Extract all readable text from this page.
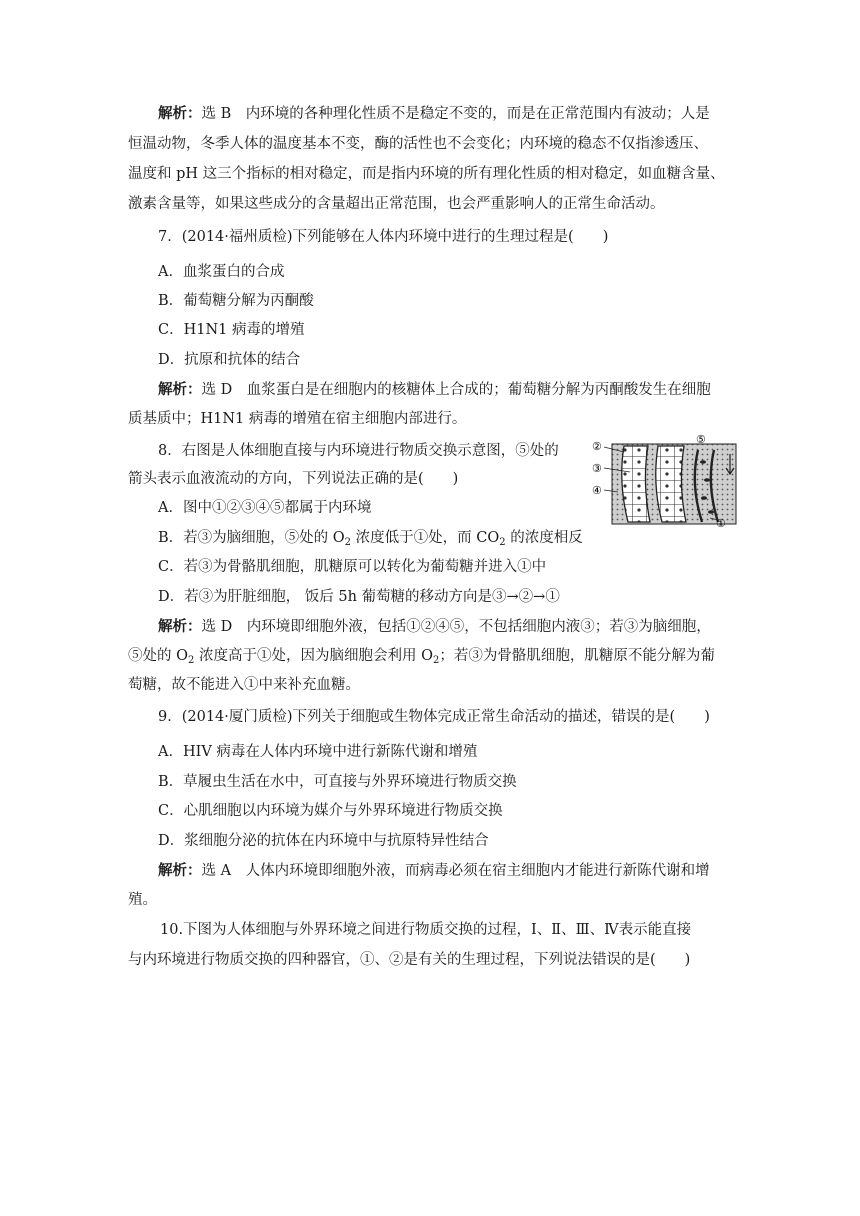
解析：选 B　内环境的各种理化性质不是稳定不变的，而是在正常范围内有波动；人是
恒温动物，冬季人体的温度基本不变，酶的活性也不会变化；内环境的稳态不仅指渗透压、
温度和 pH 这三个指标的相对稳定，而是指内环境的所有理化性质的相对稳定，如血糖含量、
激素含量等，如果这些成分的含量超出正常范围，也会严重影响人的正常生命活动。
7．(2014·福州质检)下列能够在人体内环境中进行的生理过程是(　　)
A．血浆蛋白的合成
B．葡萄糖分解为丙酮酸
C．H1N1 病毒的增殖
D．抗原和抗体的结合
解析：选 D　血浆蛋白是在细胞内的核糖体上合成的；葡萄糖分解为丙酮酸发生在细胞
质基质中；H1N1 病毒的增殖在宿主细胞内部进行。
8．右图是人体细胞直接与内环境进行物质交换示意图，⑤处的
箭头表示血液流动的方向，下列说法正确的是(　　)
A．图中①②③④⑤都属于内环境
B．若③为脑细胞，⑤处的 $O_2$ 浓度低于①处，而 $CO_2$ 的浓度相反
C．若③为骨骼肌细胞，肌糖原可以转化为葡萄糖并进入①中
D．若③为肝脏细胞， 饭后 5h 葡萄糖的移动方向是③→②→①
解析：选 D　内环境即细胞外液，包括①②④⑤，不包括细胞内液③；若③为脑细胞，
⑤处的 $O_2$ 浓度高于①处，因为脑细胞会利用 $O_2$；若③为骨骼肌细胞，肌糖原不能分解为葡
萄糖，故不能进入①中来补充血糖。
②
③
④
⑤
①
9．(2014·厦门质检)下列关于细胞或生物体完成正常生命活动的描述，错误的是(　　)
A．HIV 病毒在人体内环境中进行新陈代谢和增殖
B．草履虫生活在水中，可直接与外界环境进行物质交换
C．心肌细胞以内环境为媒介与外界环境进行物质交换
D．浆细胞分泌的抗体在内环境中与抗原特异性结合
解析：选 A　人体内环境即细胞外液，而病毒必须在宿主细胞内才能进行新陈代谢和增
殖。
10.下图为人体细胞与外界环境之间进行物质交换的过程，Ⅰ、Ⅱ、Ⅲ、Ⅳ表示能直接
与内环境进行物质交换的四种器官，①、②是有关的生理过程，下列说法错误的是(　　)
